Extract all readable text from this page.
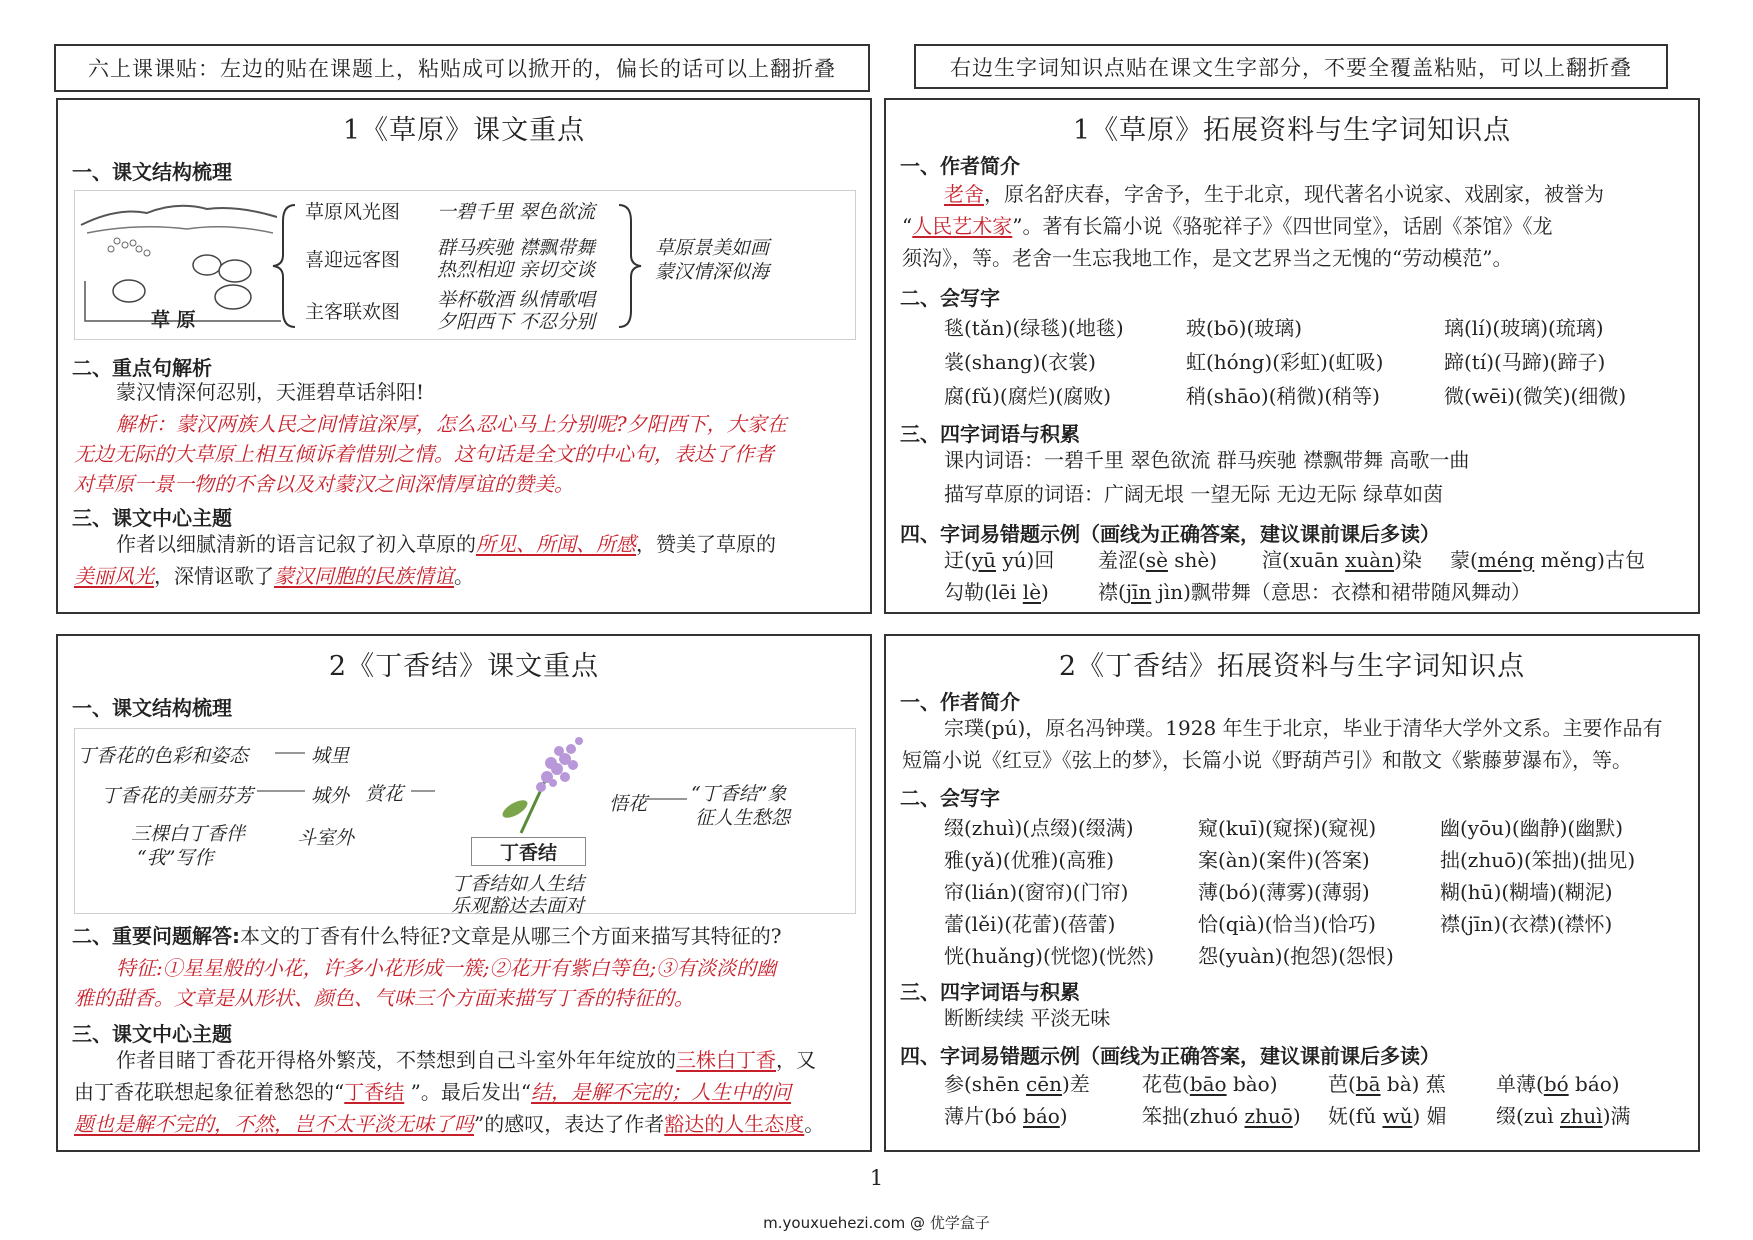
六上课课贴：左边的贴在课题上，粘贴成可以掀开的，偏长的话可以上翻折叠	右边生字词知识点贴在课文生字部分，不要全覆盖粘贴，可以上翻折叠
1《草原》课文重点
一、课文结构梳理
草 原
草原风光图 一碧千里 翠色欲流
喜迎远客图
群马疾驰 襟飘带舞
热烈相迎 亲切交谈
主客联欢图
举杯敬酒 纵情歌唱
夕阳西下 不忍分别
草原景美如画
蒙汉情深似海
二、重点句解析
蒙汉情深何忍别，天涯碧草话斜阳!
解析：蒙汉两族人民之间情谊深厚，怎么忍心马上分别呢?夕阳西下，大家在
无边无际的大草原上相互倾诉着惜别之情。这句话是全文的中心句，表达了作者
对草原一景一物的不舍以及对蒙汉之间深情厚谊的赞美。
三、课文中心主题
作者以细腻清新的语言记叙了初入草原的所见、所闻、所感，赞美了草原的
美丽风光，深情讴歌了蒙汉同胞的民族情谊。
1《草原》拓展资料与生字词知识点
一、作者简介
老舍，原名舒庆春，字舍予，生于北京，现代著名小说家、戏剧家，被誉为
“人民艺术家”。著有长篇小说《骆驼祥子》《四世同堂》，话剧《茶馆》《龙
须沟》，等。老舍一生忘我地工作，是文艺界当之无愧的“劳动模范”。
二、会写字
毯(tǎn)(绿毯)(地毯)	玻(bō)(玻璃)	璃(lí)(玻璃)(琉璃)
裳(shang)(衣裳)	虹(hóng)(彩虹)(虹吸)	蹄(tí)(马蹄)(蹄子)
腐(fǔ)(腐烂)(腐败)	稍(shāo)(稍微)(稍等)	微(wēi)(微笑)(细微)
三、四字词语与积累
课内词语：一碧千里 翠色欲流 群马疾驰 襟飘带舞 高歌一曲
描写草原的词语：广阔无垠 一望无际 无边无际 绿草如茵
四、字词易错题示例（画线为正确答案，建议课前课后多读）
迂(yū yú)回 羞涩(sè shè) 渲(xuān xuàn)染 蒙(méng měng)古包
勾勒(lēi lè) 襟(jīn jìn)飘带舞（意思：衣襟和裙带随风舞动）
2《丁香结》课文重点
一、课文结构梳理
丁香花的色彩和姿态
丁香花的美丽芬芳
三棵白丁香伴
“我”写作
城里
城外
斗室外
赏花
丁香结
悟花 “丁香结”象
征人生愁怨
丁香结如人生结
乐观豁达去面对
二、重要问题解答:本文的丁香有什么特征?文章是从哪三个方面来描写其特征的?
特征:①星星般的小花，许多小花形成一簇;②花开有紫白等色;③有淡淡的幽
雅的甜香。文章是从形状、颜色、气味三个方面来描写丁香的特征的。
三、课文中心主题
作者目睹丁香花开得格外繁茂，不禁想到自己斗室外年年绽放的三株白丁香，又
由丁香花联想起象征着愁怨的“丁香结 ”。最后发出“结，是解不完的；人生中的问
题也是解不完的，不然，岂不太平淡无味了吗”的感叹，表达了作者豁达的人生态度。
2《丁香结》拓展资料与生字词知识点
一、作者简介
宗璞(pú)，原名冯钟璞。1928 年生于北京，毕业于清华大学外文系。主要作品有
短篇小说《红豆》《弦上的梦》，长篇小说《野葫芦引》和散文《紫藤萝瀑布》，等。
二、会写字
缀(zhuì)(点缀)(缀满)	窥(kuī)(窥探)(窥视)	幽(yōu)(幽静)(幽默)
雅(yǎ)(优雅)(高雅)	案(àn)(案件)(答案)	拙(zhuō)(笨拙)(拙见)
帘(lián)(窗帘)(门帘)	薄(bó)(薄雾)(薄弱)	糊(hū)(糊墙)(糊泥)
蕾(lěi)(花蕾)(蓓蕾)	恰(qià)(恰当)(恰巧)	襟(jīn)(衣襟)(襟怀)
恍(huǎng)(恍惚)(恍然) 怨(yuàn)(抱怨)(怨恨)
三、四字词语与积累
断断续续 平淡无味
四、字词易错题示例（画线为正确答案，建议课前课后多读）
参(shēn cēn)差	花苞(bāo bào)	芭(bā bà) 蕉	单薄(bó báo)
薄片(bó báo)	笨拙(zhuó zhuō) 妩(fǔ wǔ) 媚 缀(zuì zhuì)满
1
m.youxuehezi.com @ 优学盒子
